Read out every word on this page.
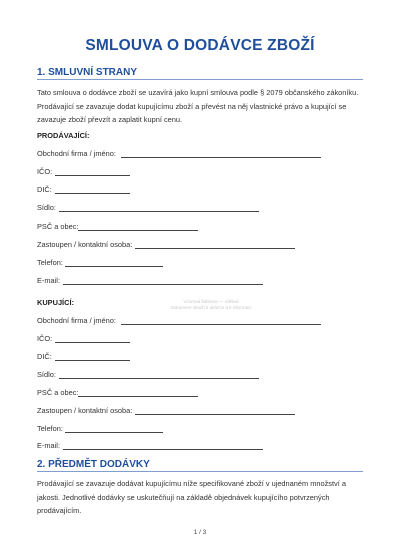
SMLOUVA O DODÁVCE ZBOŽÍ
1. SMLUVNÍ STRANY
Tato smlouva o dodávce zboží se uzavírá jako kupní smlouva podle § 2079 občanského zákoníku.
Prodávající se zavazuje dodat kupujícímu zboží a převést na něj vlastnické právo a kupující se
zavazuje zboží převzít a zaplatit kupní cenu.
PRODÁVAJÍCÍ:
Obchodní firma / jméno:
IČO:
DIČ:
Sídlo:
PSČ a obec:
Zastoupen / kontaktní osoba:
Telefon:
E-mail:
KUPUJÍCÍ:
Obchodní firma / jméno:
IČO:
DIČ:
Sídlo:
PSČ a obec:
Zastoupen / kontaktní osoba:
Telefon:
E-mail:
2. PŘEDMĚT DODÁVKY
Prodávající se zavazuje dodávat kupujícímu níže specifikované zboží v ujednaném množství a
jakosti. Jednotlivé dodávky se uskutečňují na základě objednávek kupujícího potvrzených
prodávajícím.
Vzorová šablona — náhled
Dokument slouží k ukázce a k informaci
1 / 3
